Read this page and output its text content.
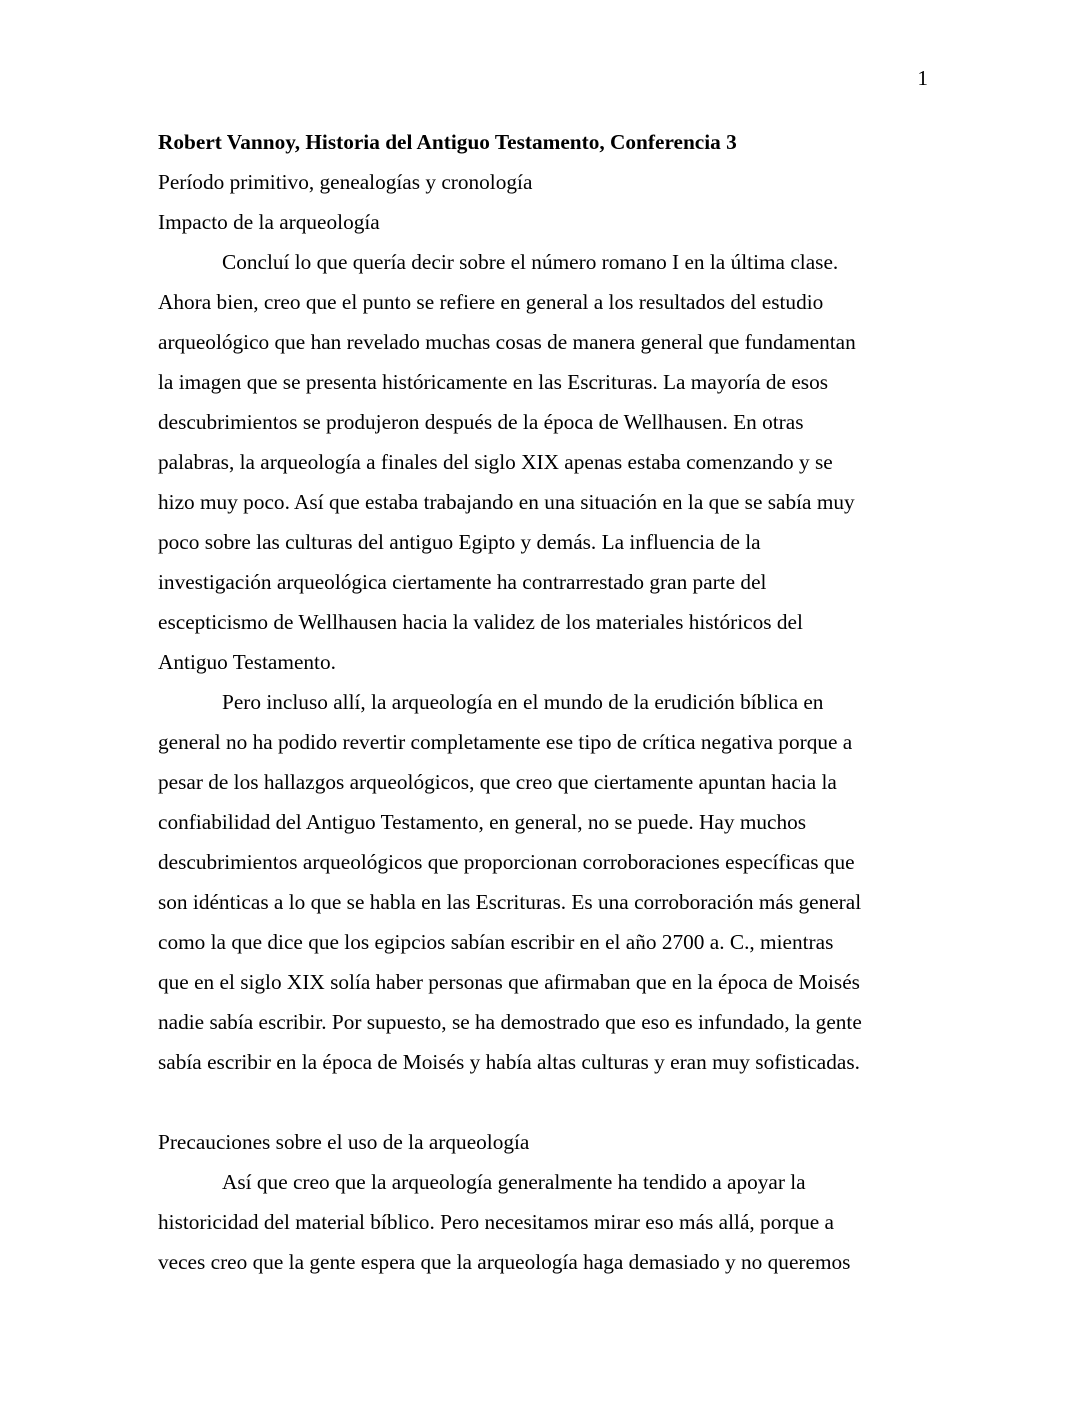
1
Robert Vannoy, Historia del Antiguo Testamento, Conferencia 3
Período primitivo, genealogías y cronología
Impacto de la arqueología
Concluí lo que quería decir sobre el número romano I en la última clase.
Ahora bien, creo que el punto se refiere en general a los resultados del estudio
arqueológico que han revelado muchas cosas de manera general que fundamentan
la imagen que se presenta históricamente en las Escrituras. La mayoría de esos
descubrimientos se produjeron después de la época de Wellhausen. En otras
palabras, la arqueología a finales del siglo XIX apenas estaba comenzando y se
hizo muy poco. Así que estaba trabajando en una situación en la que se sabía muy
poco sobre las culturas del antiguo Egipto y demás. La influencia de la
investigación arqueológica ciertamente ha contrarrestado gran parte del
escepticismo de Wellhausen hacia la validez de los materiales históricos del
Antiguo Testamento.
Pero incluso allí, la arqueología en el mundo de la erudición bíblica en
general no ha podido revertir completamente ese tipo de crítica negativa porque a
pesar de los hallazgos arqueológicos, que creo que ciertamente apuntan hacia la
confiabilidad del Antiguo Testamento, en general, no se puede. Hay muchos
descubrimientos arqueológicos que proporcionan corroboraciones específicas que
son idénticas a lo que se habla en las Escrituras. Es una corroboración más general
como la que dice que los egipcios sabían escribir en el año 2700 a. C., mientras
que en el siglo XIX solía haber personas que afirmaban que en la época de Moisés
nadie sabía escribir. Por supuesto, se ha demostrado que eso es infundado, la gente
sabía escribir en la época de Moisés y había altas culturas y eran muy sofisticadas.
Precauciones sobre el uso de la arqueología
Así que creo que la arqueología generalmente ha tendido a apoyar la
historicidad del material bíblico. Pero necesitamos mirar eso más allá, porque a
veces creo que la gente espera que la arqueología haga demasiado y no queremos
